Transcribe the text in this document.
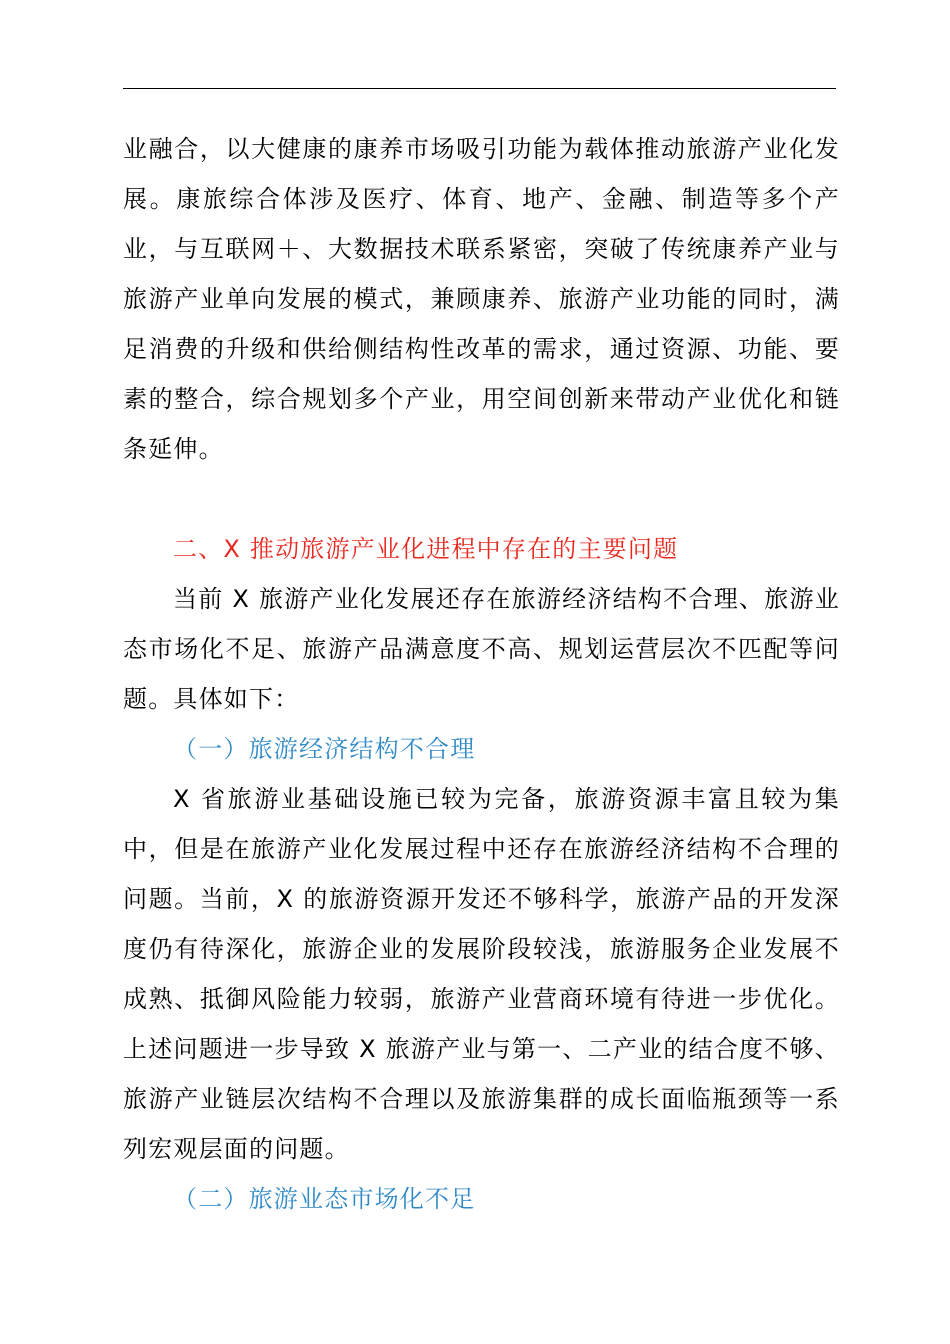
业融合，以大健康的康养市场吸引功能为载体推动旅游产业化发展。康旅综合体涉及医疗、体育、地产、金融、制造等多个产业，与互联网＋、大数据技术联系紧密，突破了传统康养产业与旅游产业单向发展的模式，兼顾康养、旅游产业功能的同时，满足消费的升级和供给侧结构性改革的需求，通过资源、功能、要素的整合，综合规划多个产业，用空间创新来带动产业优化和链条延伸。

二、X 推动旅游产业化进程中存在的主要问题

当前 X 旅游产业化发展还存在旅游经济结构不合理、旅游业态市场化不足、旅游产品满意度不高、规划运营层次不匹配等问题。具体如下：

（一）旅游经济结构不合理

X 省旅游业基础设施已较为完备，旅游资源丰富且较为集中，但是在旅游产业化发展过程中还存在旅游经济结构不合理的问题。当前，X 的旅游资源开发还不够科学，旅游产品的开发深度仍有待深化，旅游企业的发展阶段较浅，旅游服务企业发展不成熟、抵御风险能力较弱，旅游产业营商环境有待进一步优化。上述问题进一步导致 X 旅游产业与第一、二产业的结合度不够、旅游产业链层次结构不合理以及旅游集群的成长面临瓶颈等一系列宏观层面的问题。

（二）旅游业态市场化不足
